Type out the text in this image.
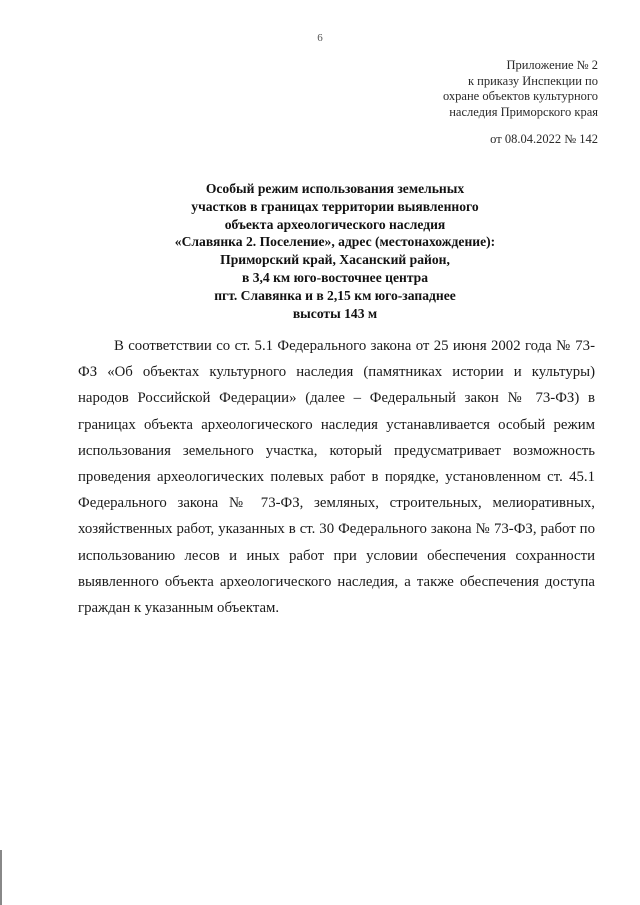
6
Приложение № 2
к приказу Инспекции по
охране объектов культурного
наследия Приморского края
от 08.04.2022 № 142
Особый режим использования земельных
участков в границах территории выявленного
объекта археологического наследия
«Славянка 2. Поселение», адрес (местонахождение):
Приморский край, Хасанский район,
в 3,4 км юго-восточнее центра
пгт. Славянка и в 2,15 км юго-западнее
высоты 143 м

В соответствии со ст. 5.1 Федерального закона от 25 июня 2002 года № 73-ФЗ «Об объектах культурного наследия (памятниках истории и культуры) народов Российской Федерации» (далее – Федеральный закон № 73-ФЗ) в границах объекта археологического наследия устанавливается особый режим использования земельного участка, который предусматривает возможность проведения археологических полевых работ в порядке, установленном ст. 45.1 Федерального закона № 73-ФЗ, земляных, строительных, мелиоративных, хозяйственных работ, указанных в ст. 30 Федерального закона № 73-ФЗ, работ по использованию лесов и иных работ при условии обеспечения сохранности выявленного объекта археологического наследия, а также обеспечения доступа граждан к указанным объектам.
